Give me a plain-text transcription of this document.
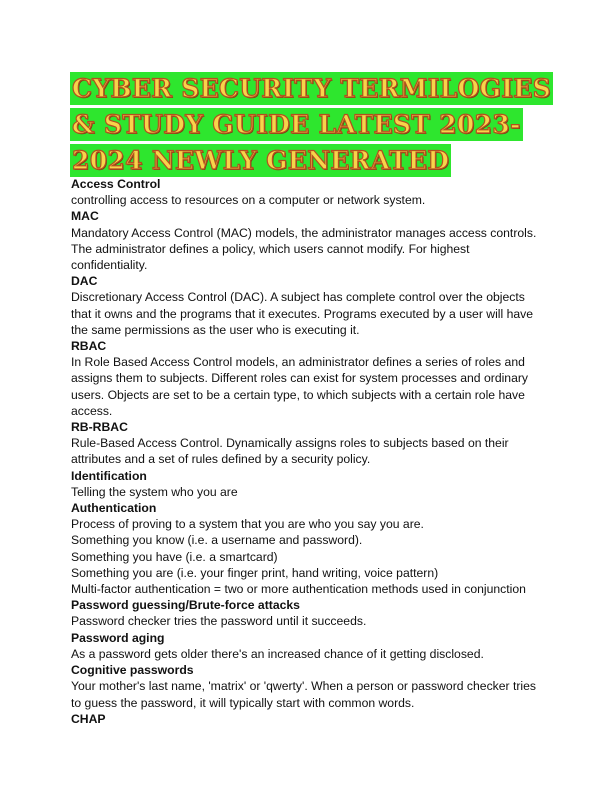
CYBER SECURITY TERMILOGIES
& STUDY GUIDE LATEST 2023-
2024 NEWLY GENERATED
Access Control
controlling access to resources on a computer or network system.
MAC
Mandatory Access Control (MAC) models, the administrator manages access controls.
The administrator defines a policy, which users cannot modify. For highest
confidentiality.
DAC
Discretionary Access Control (DAC). A subject has complete control over the objects
that it owns and the programs that it executes. Programs executed by a user will have
the same permissions as the user who is executing it.
RBAC
In Role Based Access Control models, an administrator defines a series of roles and
assigns them to subjects. Different roles can exist for system processes and ordinary
users. Objects are set to be a certain type, to which subjects with a certain role have
access.
RB-RBAC
Rule-Based Access Control. Dynamically assigns roles to subjects based on their
attributes and a set of rules defined by a security policy.
Identification
Telling the system who you are
Authentication
Process of proving to a system that you are who you say you are.
Something you know (i.e. a username and password).
Something you have (i.e. a smartcard)
Something you are (i.e. your finger print, hand writing, voice pattern)
Multi-factor authentication = two or more authentication methods used in conjunction
Password guessing/Brute-force attacks
Password checker tries the password until it succeeds.
Password aging
As a password gets older there's an increased chance of it getting disclosed.
Cognitive passwords
Your mother's last name, 'matrix' or 'qwerty'. When a person or password checker tries
to guess the password, it will typically start with common words.
CHAP
